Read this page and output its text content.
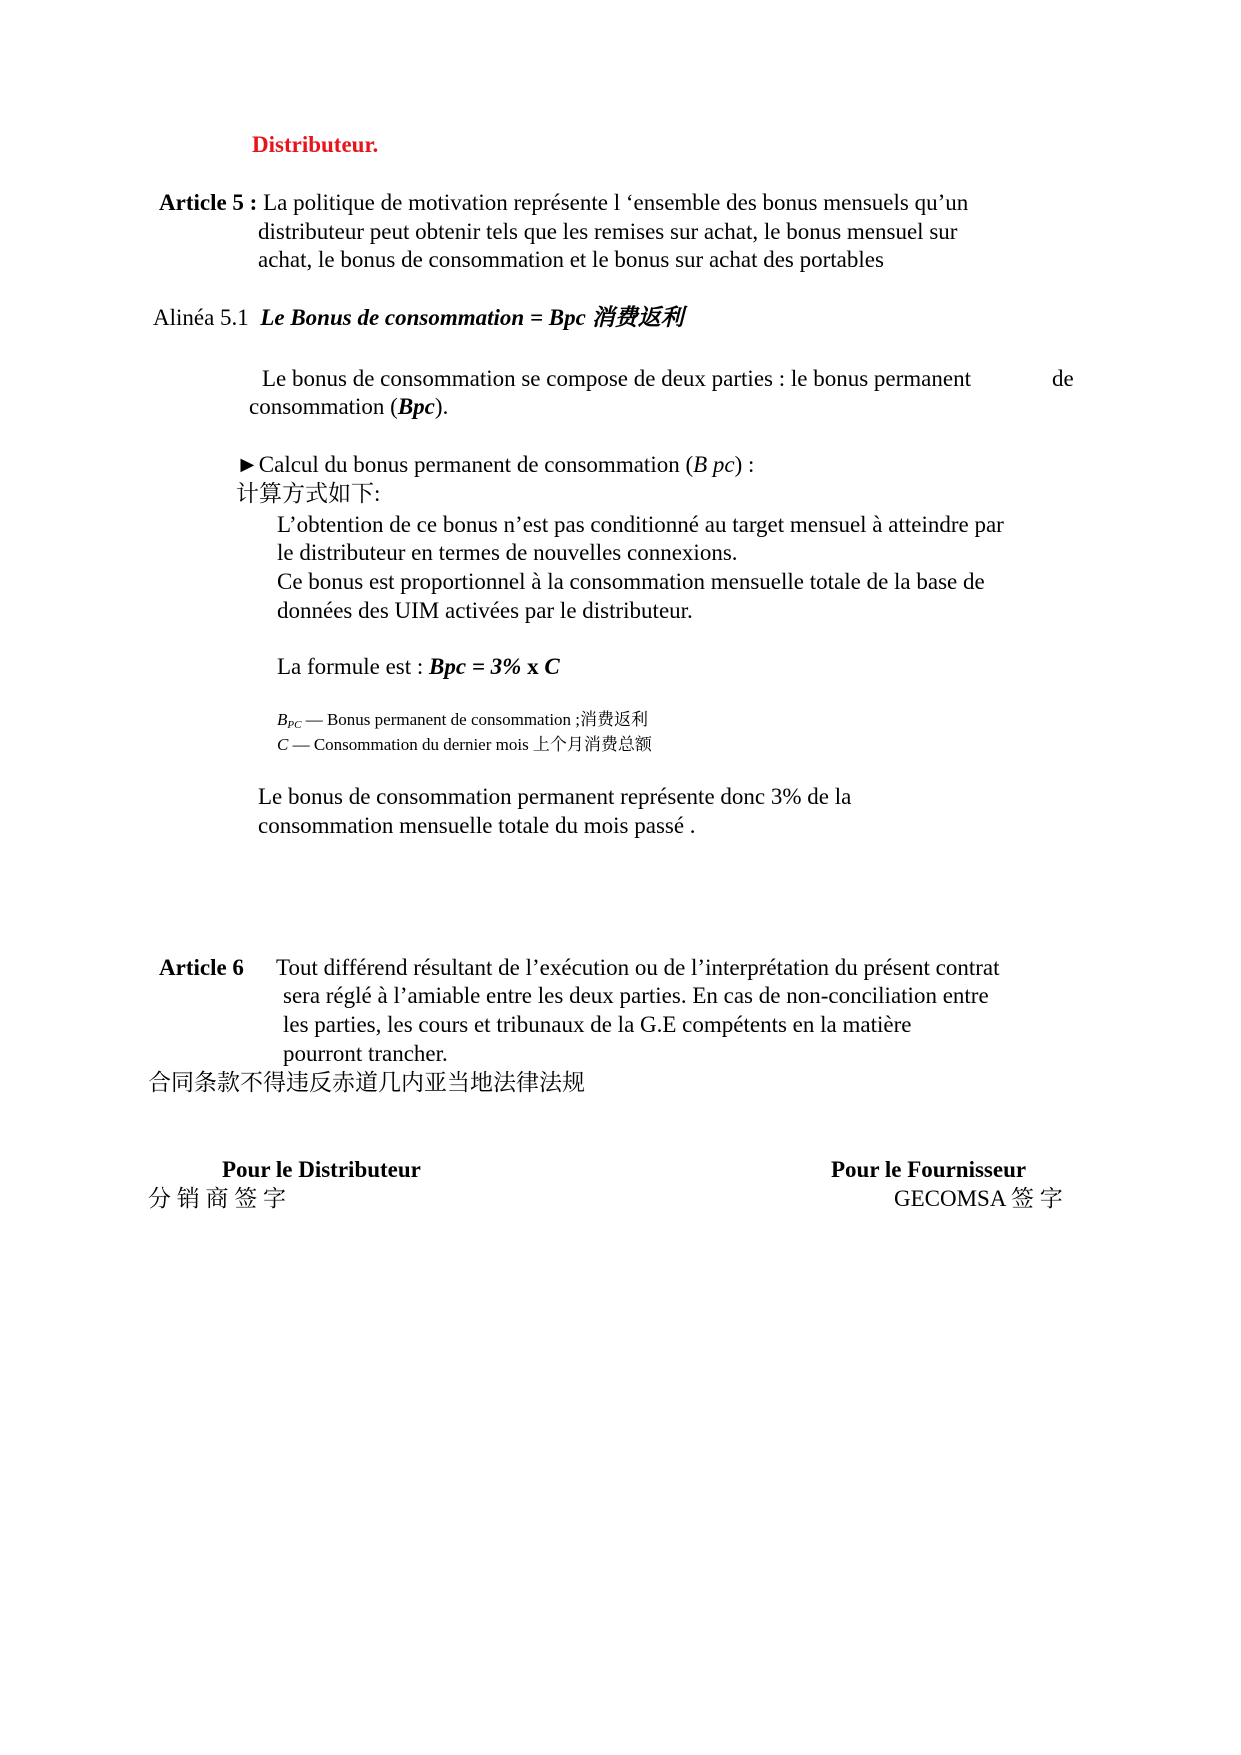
Distributeur.
Article 5 : La politique de motivation représente l ‘ensemble des bonus mensuels qu’un
distributeur peut obtenir tels que les remises sur achat, le bonus mensuel sur
achat, le bonus de consommation et le bonus sur achat des portables
Alinéa 5.1 Le Bonus de consommation = Bpc 消费返利
Le bonus de consommation se compose de deux parties : le bonus permanent	de
consommation (Bpc).
►Calcul du bonus permanent de consommation (B pc) :
计算方式如下:
L’obtention de ce bonus n’est pas conditionné au target mensuel à atteindre par
le distributeur en termes de nouvelles connexions.
Ce bonus est proportionnel à la consommation mensuelle totale de la base de
données des UIM activées par le distributeur.
La formule est : Bpc = 3% x C
$B_{PC}$ — Bonus permanent de consommation ;消费返利
C — Consommation du dernier mois 上个月消费总额
Le bonus de consommation permanent représente donc 3% de la
consommation mensuelle totale du mois passé .
Article 6 Tout différend résultant de l’exécution ou de l’interprétation du présent contrat
sera réglé à l’amiable entre les deux parties. En cas de non-conciliation entre
les parties, les cours et tribunaux de la G.E compétents en la matière
pourront trancher.
合同条款不得违反赤道几内亚当地法律法规
Pour le Distributeur
分 销 商 签 字
Pour le Fournisseur
GECOMSA 签 字
